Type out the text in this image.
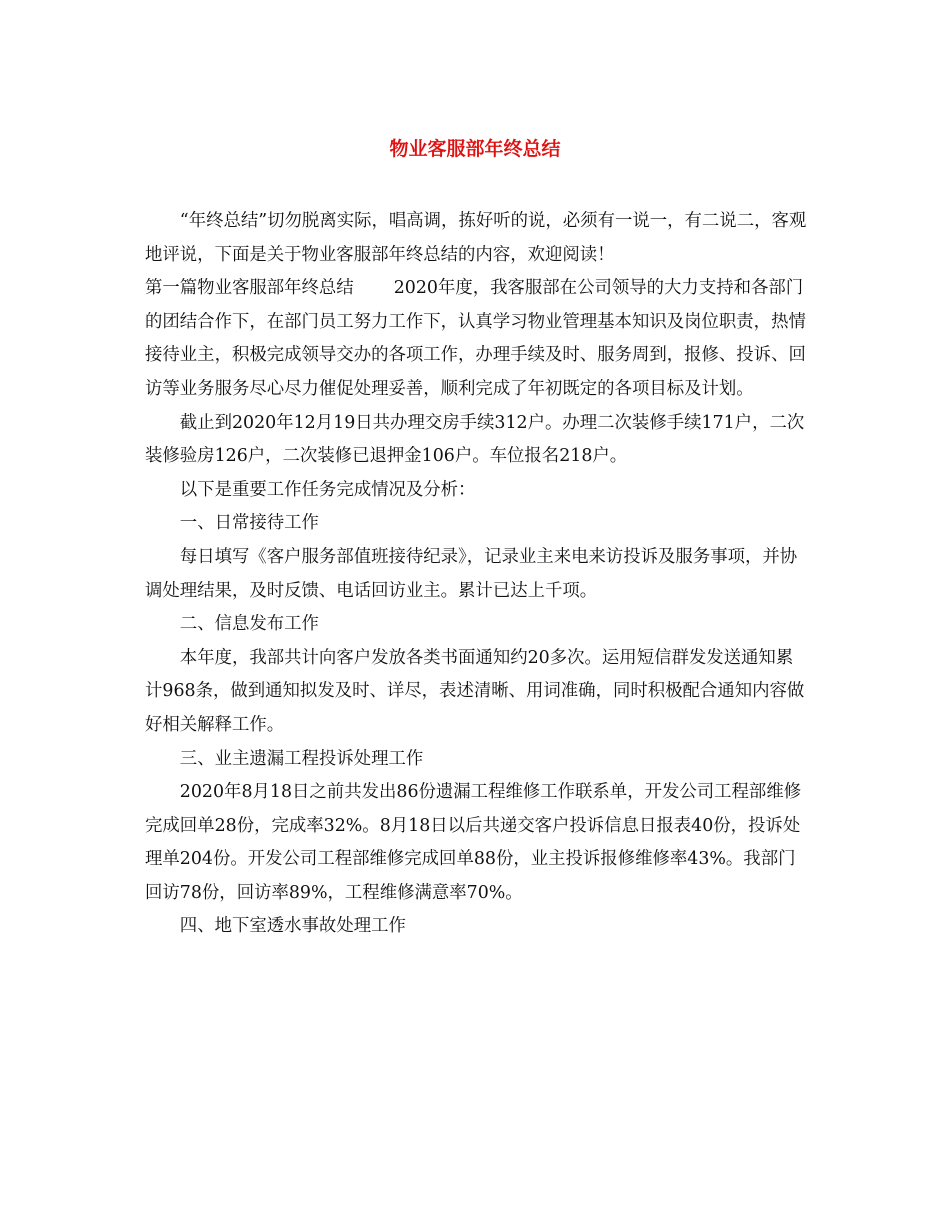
物业客服部年终总结

“年终总结”切勿脱离实际，唱高调，拣好听的说，必须有一说一，有二说二，客观地评说，下面是关于物业客服部年终总结的内容，欢迎阅读！

第一篇物业客服部年终总结 2020年度，我客服部在公司领导的大力支持和各部门的团结合作下，在部门员工努力工作下，认真学习物业管理基本知识及岗位职责，热情接待业主，积极完成领导交办的各项工作，办理手续及时、服务周到，报修、投诉、回访等业务服务尽心尽力催促处理妥善，顺利完成了年初既定的各项目标及计划。

截止到2020年12月19日共办理交房手续312户。办理二次装修手续171户，二次装修验房126户，二次装修已退押金106户。车位报名218户。

以下是重要工作任务完成情况及分析：

一、日常接待工作

每日填写《客户服务部值班接待纪录》，记录业主来电来访投诉及服务事项，并协调处理结果，及时反馈、电话回访业主。累计已达上千项。

二、信息发布工作

本年度，我部共计向客户发放各类书面通知约20多次。运用短信群发发送通知累计968条，做到通知拟发及时、详尽，表述清晰、用词准确，同时积极配合通知内容做好相关解释工作。

三、业主遗漏工程投诉处理工作

2020年8月18日之前共发出86份遗漏工程维修工作联系单，开发公司工程部维修完成回单28份，完成率32%。8月18日以后共递交客户投诉信息日报表40份，投诉处理单204份。开发公司工程部维修完成回单88份，业主投诉报修维修率43%。我部门回访78份，回访率89%，工程维修满意率70%。

四、地下室透水事故处理工作
